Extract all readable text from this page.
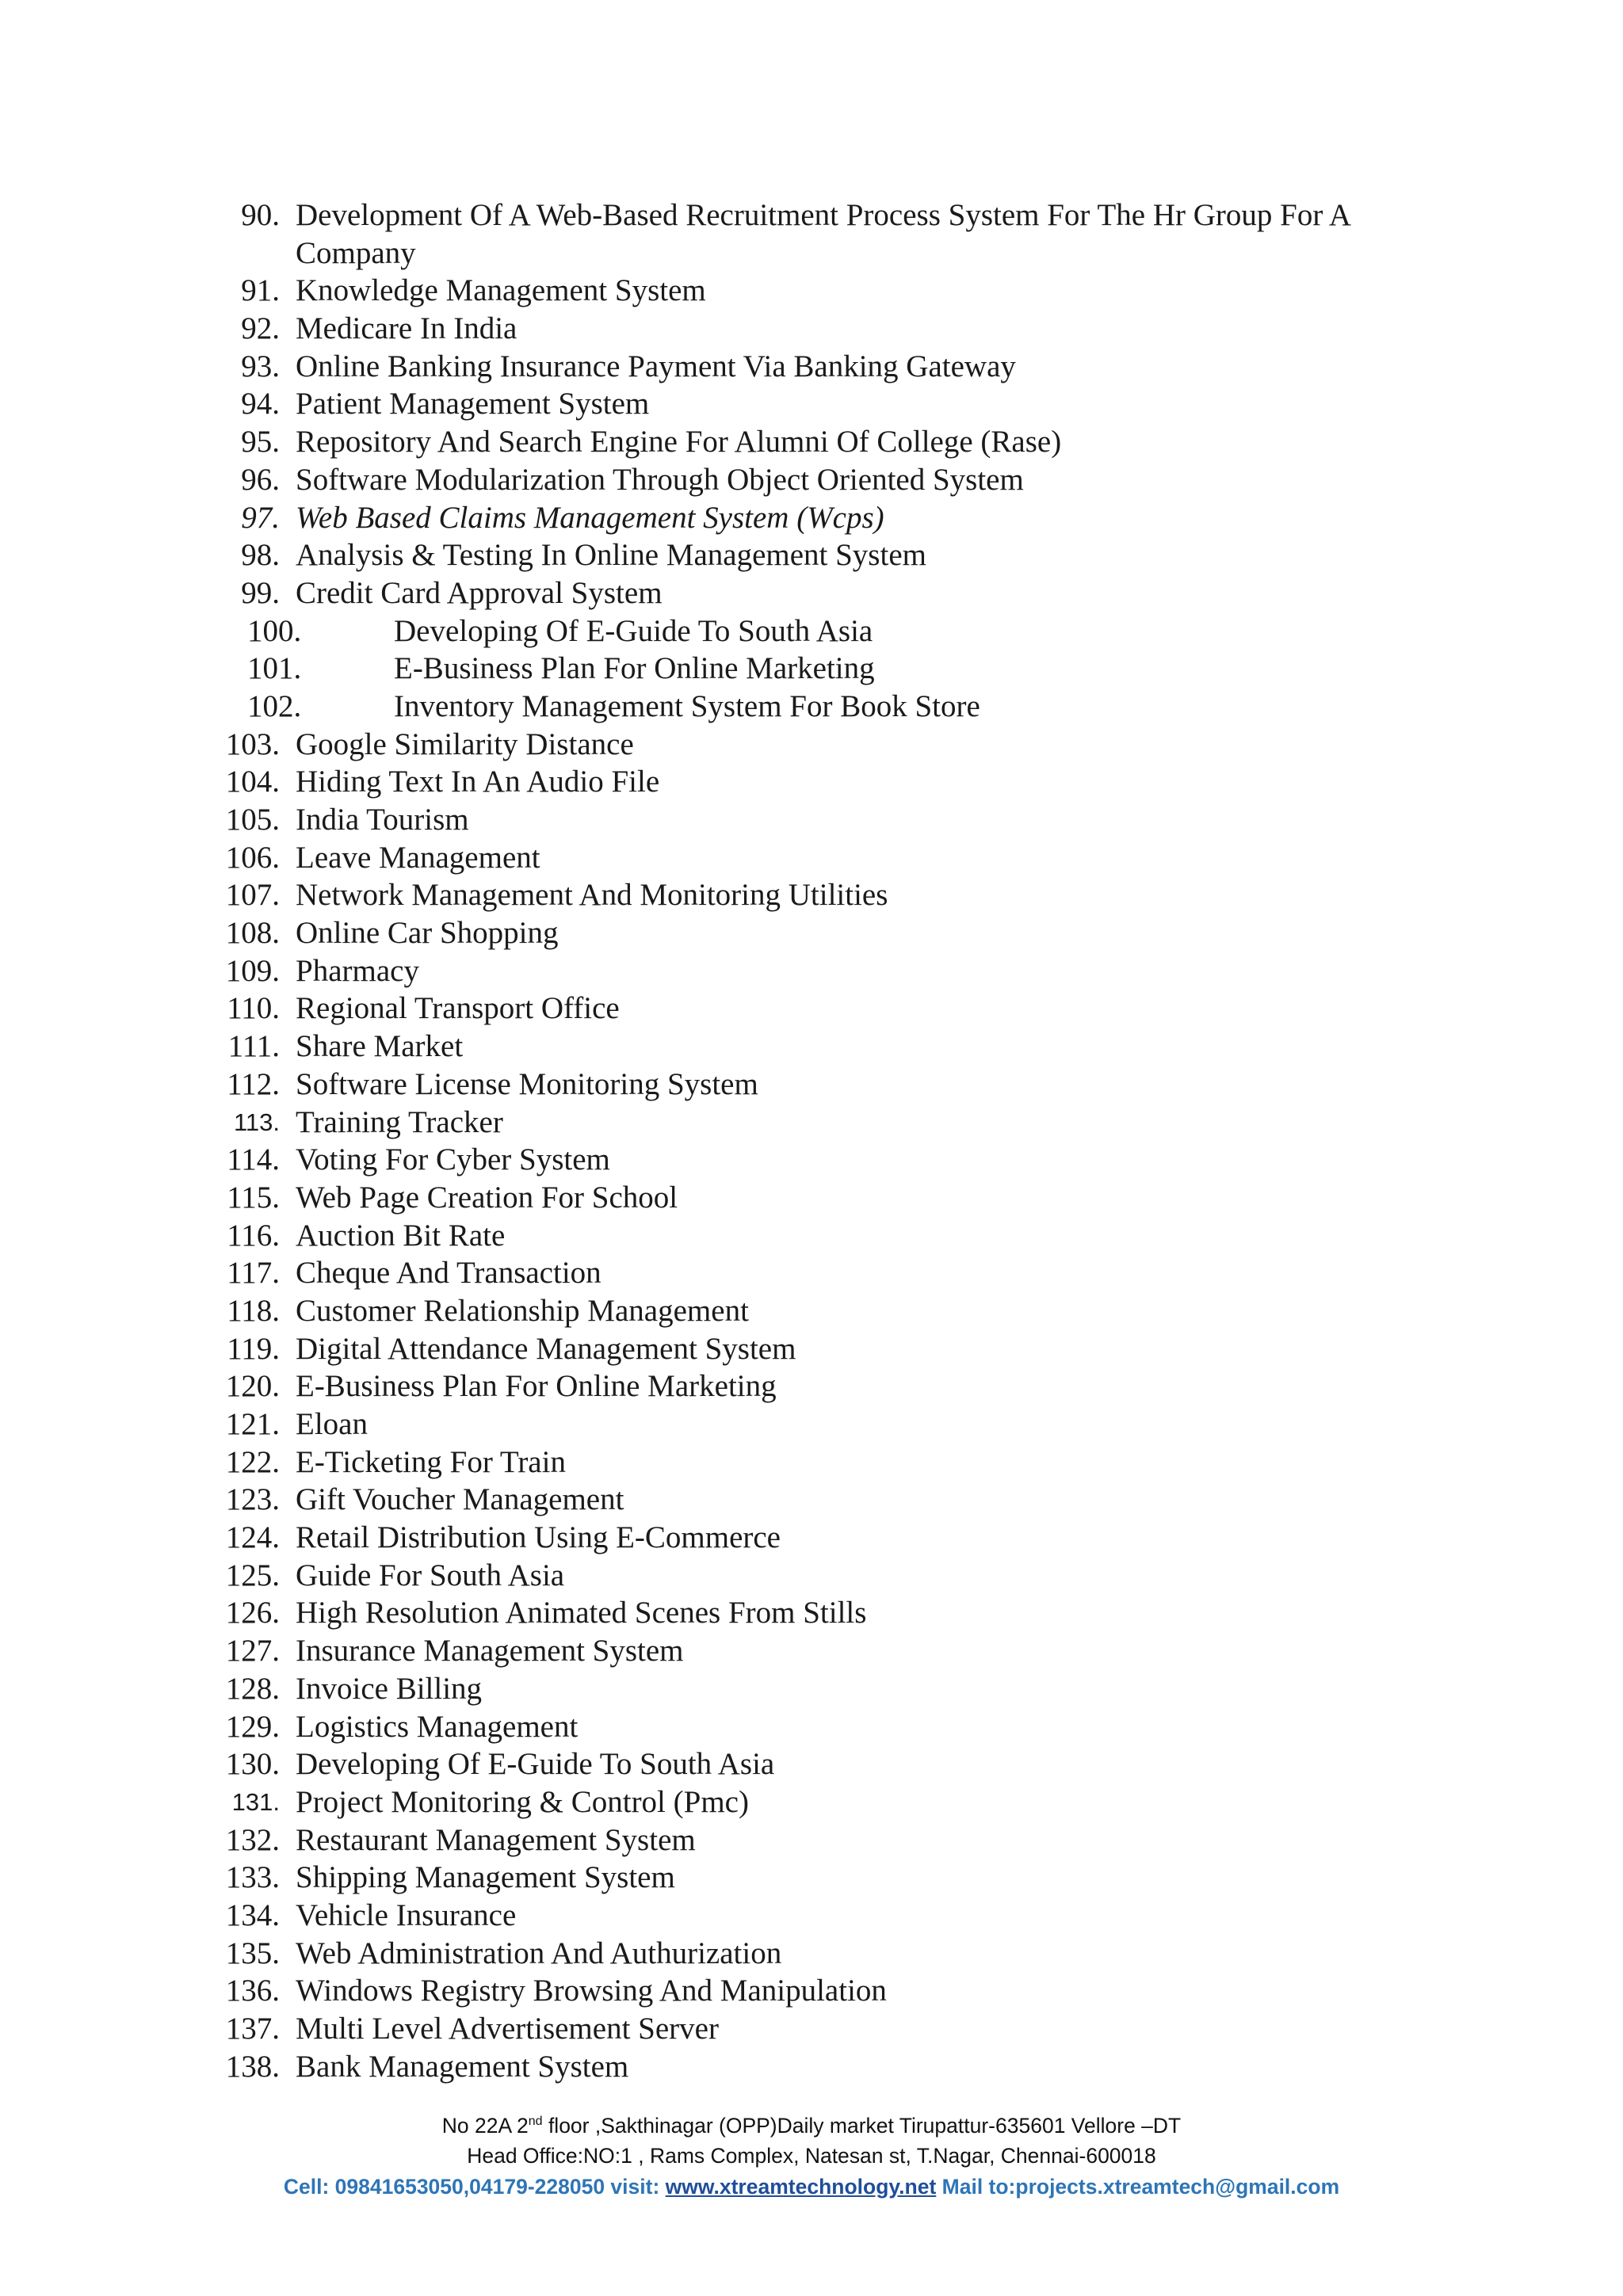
90. Development Of A Web-Based Recruitment Process System For The Hr Group For A Company
91. Knowledge Management System
92. Medicare In India
93. Online Banking Insurance Payment Via Banking Gateway
94. Patient Management System
95. Repository And Search Engine For Alumni Of College (Rase)
96. Software Modularization Through Object Oriented System
97. Web Based Claims Management System (Wcps)
98. Analysis & Testing In Online Management System
99. Credit Card Approval System
100.	Developing Of E-Guide To South Asia
101.	E-Business Plan For Online Marketing
102.	Inventory Management System For Book Store
103. Google Similarity Distance
104. Hiding Text In An Audio File
105. India Tourism
106. Leave Management
107. Network Management And Monitoring Utilities
108. Online Car Shopping
109. Pharmacy
110. Regional Transport Office
111. Share Market
112. Software License Monitoring System
113. Training Tracker
114. Voting For Cyber System
115. Web Page Creation For School
116. Auction Bit Rate
117. Cheque And Transaction
118. Customer Relationship Management
119. Digital Attendance Management System
120. E-Business Plan For Online Marketing
121. Eloan
122. E-Ticketing For Train
123. Gift Voucher Management
124. Retail Distribution Using E-Commerce
125. Guide For South Asia
126. High Resolution Animated Scenes From Stills
127. Insurance Management System
128. Invoice Billing
129. Logistics Management
130. Developing Of E-Guide To South Asia
131. Project Monitoring & Control (Pmc)
132. Restaurant Management System
133. Shipping Management System
134. Vehicle Insurance
135. Web Administration And Authurization
136. Windows Registry Browsing And Manipulation
137. Multi Level Advertisement Server
138. Bank Management System
No 22A 2nd floor ,Sakthinagar (OPP)Daily market Tirupattur-635601 Vellore –DT
Head Office:NO:1 , Rams Complex, Natesan st, T.Nagar, Chennai-600018
Cell: 09841653050,04179-228050 visit: www.xtreamtechnology.net Mail to:projects.xtreamtech@gmail.com
